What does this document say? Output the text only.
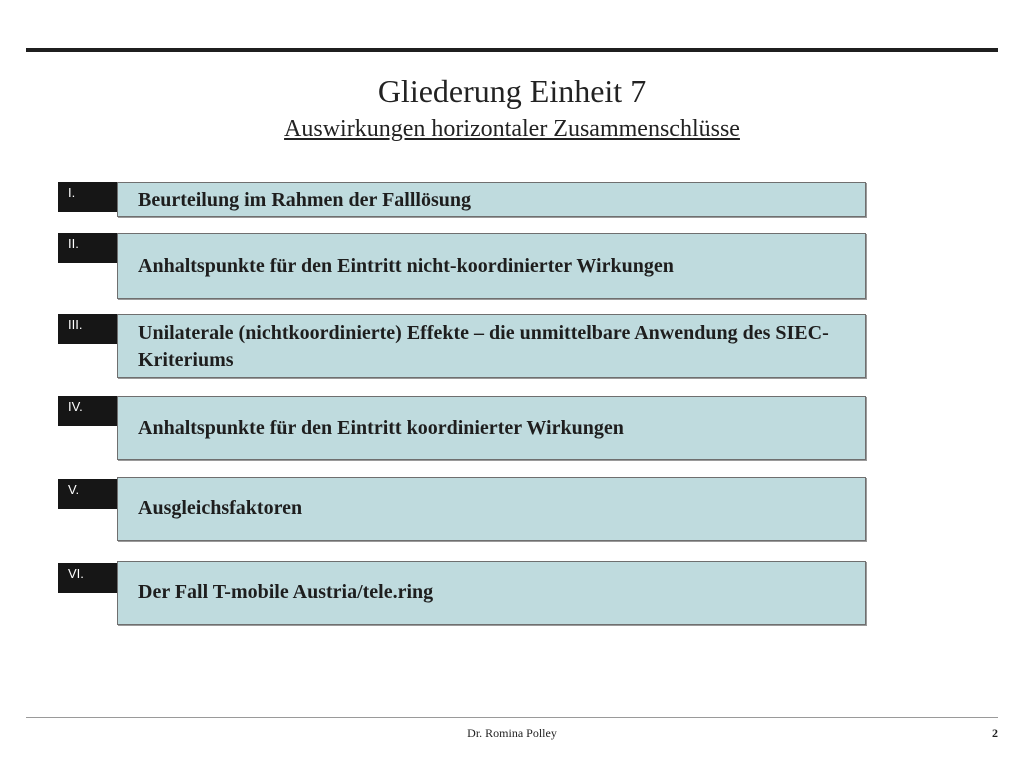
Gliederung Einheit 7
Auswirkungen horizontaler Zusammenschlüsse
Beurteilung im Rahmen der Falllösung
I.
Anhaltspunkte für den Eintritt nicht-koordinierter Wirkungen
II.
Unilaterale (nichtkoordinierte) Effekte – die unmittelbare Anwendung des SIEC-Kriteriums
III.
Anhaltspunkte für den Eintritt koordinierter Wirkungen
IV.
Ausgleichsfaktoren
V.
Der Fall T-mobile Austria/tele.ring
VI.
Dr. Romina Polley	2
